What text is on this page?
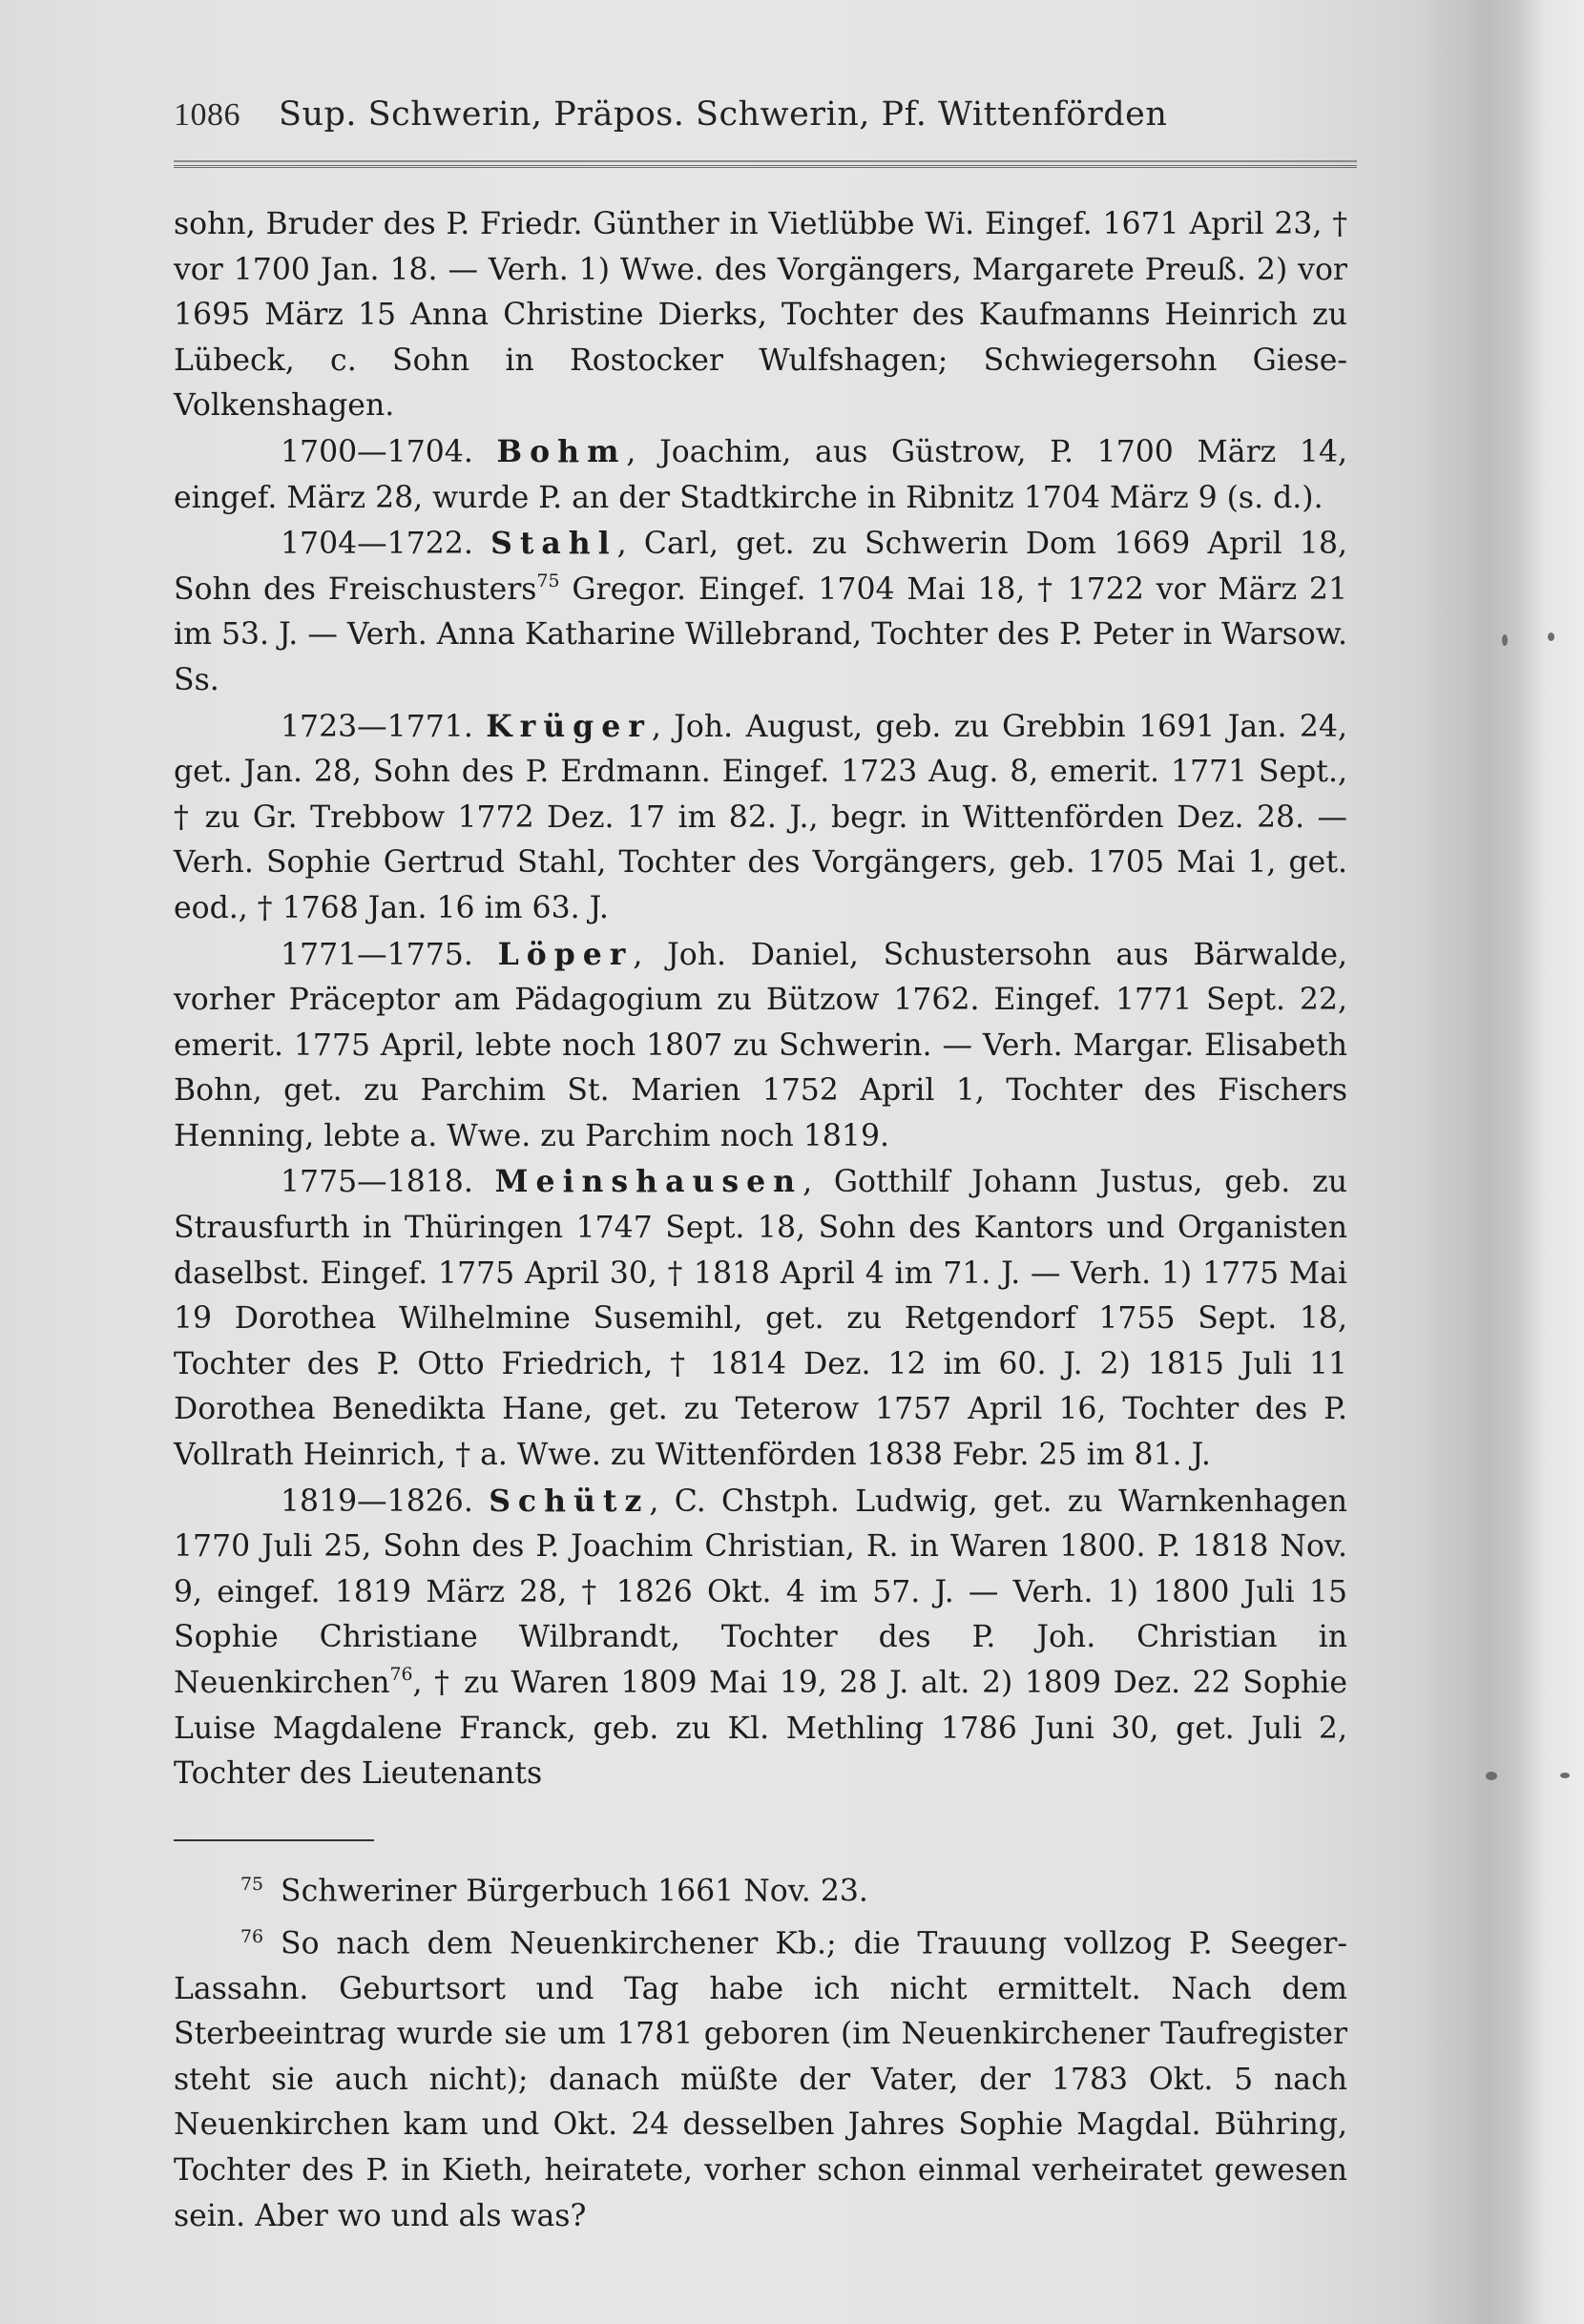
1086	Sup. Schwerin, Präpos. Schwerin, Pf. Wittenförden

sohn, Bruder des P. Friedr. Günther in Vietlübbe Wi. Eingef. 1671 April 23, † vor 1700 Jan. 18. — Verh. 1) Wwe. des Vorgängers, Margarete Preuß. 2) vor 1695 März 15 Anna Christine Dierks, Tochter des Kaufmanns Heinrich zu Lübeck, c. Sohn in Rostocker Wulfshagen; Schwiegersohn Giese-Volkenshagen.

1700—1704. Bohm, Joachim, aus Güstrow, P. 1700 März 14, eingef. März 28, wurde P. an der Stadtkirche in Ribnitz 1704 März 9 (s. d.).

1704—1722. Stahl, Carl, get. zu Schwerin Dom 1669 April 18, Sohn des Freischusters$^{75}$ Gregor. Eingef. 1704 Mai 18, † 1722 vor März 21 im 53. J. — Verh. Anna Katharine Willebrand, Tochter des P. Peter in Warsow. Ss.

1723—1771. Krüger, Joh. August, geb. zu Grebbin 1691 Jan. 24, get. Jan. 28, Sohn des P. Erdmann. Eingef. 1723 Aug. 8, emerit. 1771 Sept., † zu Gr. Trebbow 1772 Dez. 17 im 82. J., begr. in Wittenförden Dez. 28. — Verh. Sophie Gertrud Stahl, Tochter des Vorgängers, geb. 1705 Mai 1, get. eod., † 1768 Jan. 16 im 63. J.

1771—1775. Löper, Joh. Daniel, Schustersohn aus Bärwalde, vorher Präceptor am Pädagogium zu Bützow 1762. Eingef. 1771 Sept. 22, emerit. 1775 April, lebte noch 1807 zu Schwerin. — Verh. Margar. Elisabeth Bohn, get. zu Parchim St. Marien 1752 April 1, Tochter des Fischers Henning, lebte a. Wwe. zu Parchim noch 1819.

1775—1818. Meinshausen, Gotthilf Johann Justus, geb. zu Strausfurth in Thüringen 1747 Sept. 18, Sohn des Kantors und Organisten daselbst. Eingef. 1775 April 30, † 1818 April 4 im 71. J. — Verh. 1) 1775 Mai 19 Dorothea Wilhelmine Susemihl, get. zu Retgendorf 1755 Sept. 18, Tochter des P. Otto Friedrich, † 1814 Dez. 12 im 60. J. 2) 1815 Juli 11 Dorothea Benedikta Hane, get. zu Teterow 1757 April 16, Tochter des P. Vollrath Heinrich, † a. Wwe. zu Wittenförden 1838 Febr. 25 im 81. J.

1819—1826. Schütz, C. Chstph. Ludwig, get. zu Warnkenhagen 1770 Juli 25, Sohn des P. Joachim Christian, R. in Waren 1800. P. 1818 Nov. 9, eingef. 1819 März 28, † 1826 Okt. 4 im 57. J. — Verh. 1) 1800 Juli 15 Sophie Christiane Wilbrandt, Tochter des P. Joh. Christian in Neuenkirchen$^{76}$, † zu Waren 1809 Mai 19, 28 J. alt. 2) 1809 Dez. 22 Sophie Luise Magdalene Franck, geb. zu Kl. Methling 1786 Juni 30, get. Juli 2, Tochter des Lieutenants

$^{75}$ Schweriner Bürgerbuch 1661 Nov. 23.

$^{76}$ So nach dem Neuenkirchener Kb.; die Trauung vollzog P. Seeger-Lassahn. Geburtsort und Tag habe ich nicht ermittelt. Nach dem Sterbeeintrag wurde sie um 1781 geboren (im Neuenkirchener Taufregister steht sie auch nicht); danach müßte der Vater, der 1783 Okt. 5 nach Neuenkirchen kam und Okt. 24 desselben Jahres Sophie Magdal. Bühring, Tochter des P. in Kieth, heiratete, vorher schon einmal verheiratet gewesen sein. Aber wo und als was?
